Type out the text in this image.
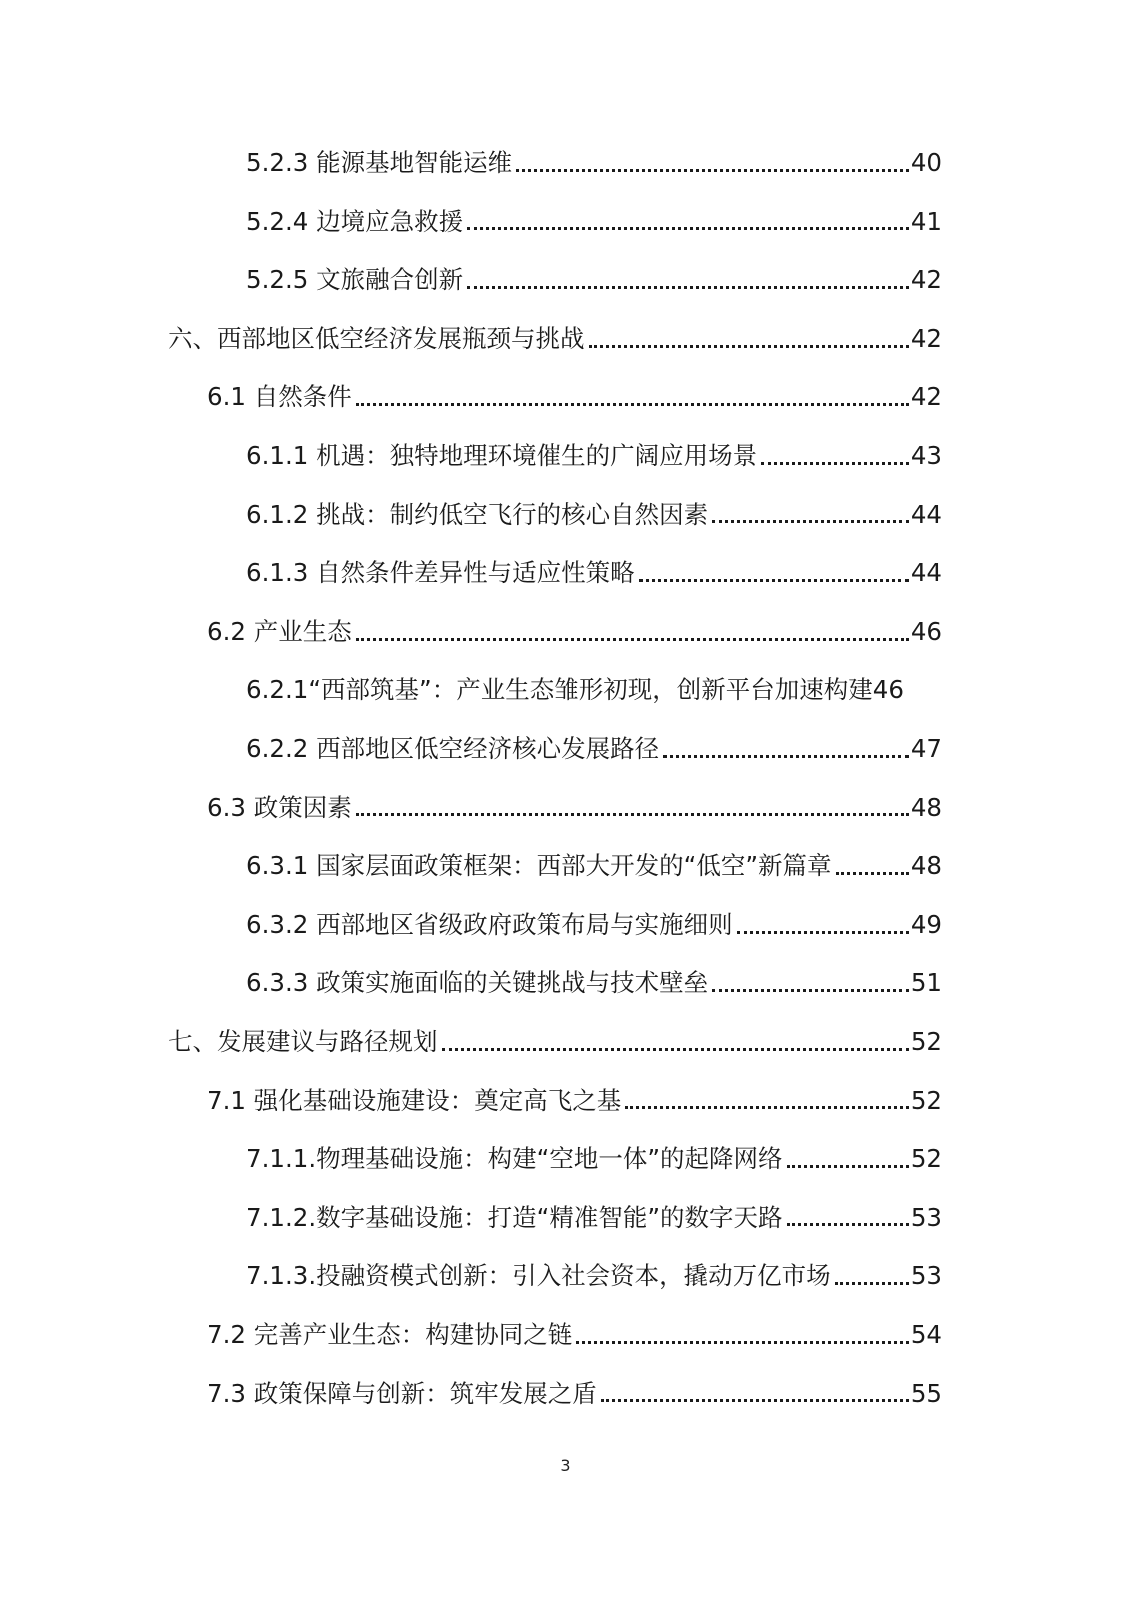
5.2.3 能源基地智能运维	40
5.2.4 边境应急救援	41
5.2.5 文旅融合创新	42
六、西部地区低空经济发展瓶颈与挑战	42
6.1 自然条件	42
6.1.1 机遇：独特地理环境催生的广阔应用场景	43
6.1.2 挑战：制约低空飞行的核心自然因素	44
6.1.3 自然条件差异性与适应性策略	44
6.2 产业生态	46
6.2.1“西部筑基”：产业生态雏形初现，创新平台加速构建 46
6.2.2 西部地区低空经济核心发展路径	47
6.3 政策因素	48
6.3.1 国家层面政策框架：西部大开发的“低空”新篇章	48
6.3.2 西部地区省级政府政策布局与实施细则	49
6.3.3 政策实施面临的关键挑战与技术壁垒	51
七、发展建议与路径规划	52
7.1 强化基础设施建设：奠定高飞之基	52
7.1.1.物理基础设施：构建“空地一体”的起降网络	52
7.1.2.数字基础设施：打造“精准智能”的数字天路	53
7.1.3.投融资模式创新：引入社会资本，撬动万亿市场	53
7.2 完善产业生态：构建协同之链	54
7.3 政策保障与创新：筑牢发展之盾	55
3
